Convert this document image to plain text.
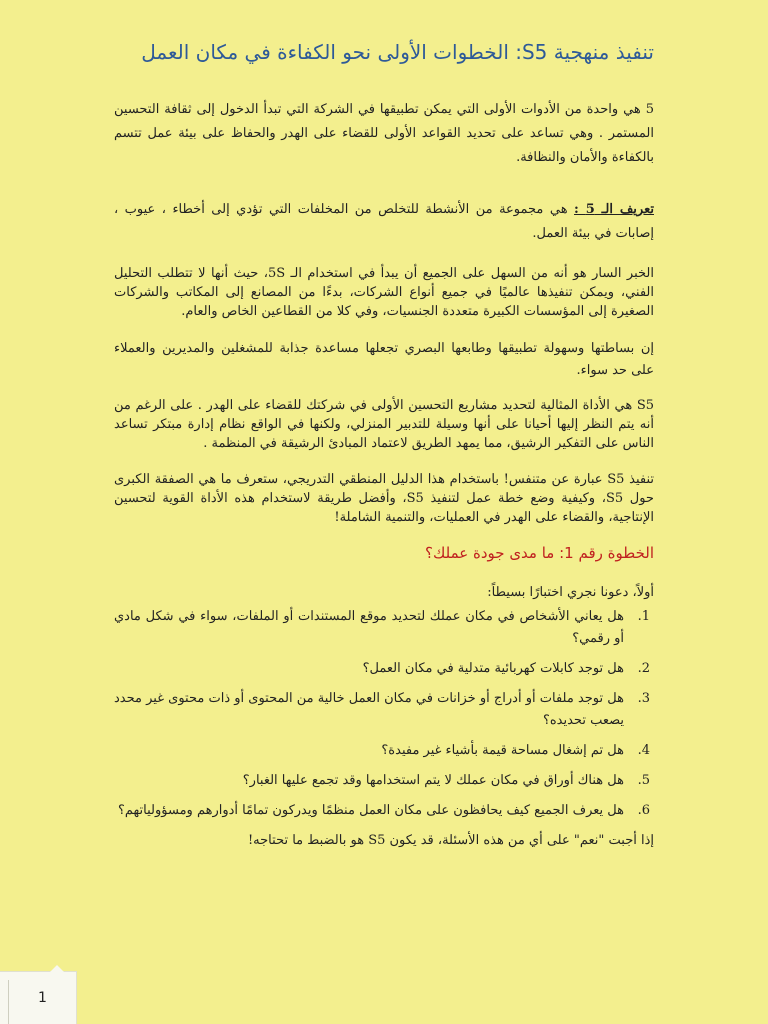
تنفيذ منهجية S5: الخطوات الأولى نحو الكفاءة في مكان العمل

5 هي واحدة من الأدوات الأولى التي يمكن تطبيقها في الشركة التي تبدأ الدخول إلى ثقافة التحسين المستمر . وهي تساعد على تحديد القواعد الأولى للقضاء على الهدر والحفاظ على بيئة عمل تتسم بالكفاءة والأمان والنظافة.

تعريف الـ 5 : هي مجموعة من الأنشطة للتخلص من المخلفات التي تؤدي إلى أخطاء ، عيوب ، إصابات في بيئة العمل.

الخبر السار هو أنه من السهل على الجميع أن يبدأ في استخدام الـ 5S، حيث أنها لا تتطلب التحليل الفني، ويمكن تنفيذها عالميًا في جميع أنواع الشركات، بدءًا من المصانع إلى المكاتب والشركات الصغيرة إلى المؤسسات الكبيرة متعددة الجنسيات، وفي كلا من القطاعين الخاص والعام.

إن بساطتها وسهولة تطبيقها وطابعها البصري تجعلها مساعدة جذابة للمشغلين والمديرين والعملاء على حد سواء.

S5 هي الأداة المثالية لتحديد مشاريع التحسين الأولى في شركتك للقضاء على الهدر . على الرغم من أنه يتم النظر إليها أحيانا على أنها وسيلة للتدبير المنزلي، ولكنها في الواقع نظام إدارة مبتكر تساعد الناس على التفكير الرشيق، مما يمهد الطريق لاعتماد المبادئ الرشيقة في المنظمة .

تنفيذ S5 عبارة عن متنفس! باستخدام هذا الدليل المنطقي التدريجي، ستعرف ما هي الصفقة الكبرى حول S5، وكيفية وضع خطة عمل لتنفيذ S5، وأفضل طريقة لاستخدام هذه الأداة القوية لتحسين الإنتاجية، والقضاء على الهدر في العمليات، والتنمية الشاملة!

الخطوة رقم 1: ما مدى جودة عملك؟
أولاً، دعونا نجري اختبارًا بسيطاً:
1.
هل يعاني الأشخاص في مكان عملك لتحديد موقع المستندات أو الملفات، سواء في شكل مادي أو رقمي؟
2.
هل توجد كابلات كهربائية متدلية في مكان العمل؟
3.
هل توجد ملفات أو أدراج أو خزانات في مكان العمل خالية من المحتوى أو ذات محتوى غير محدد يصعب تحديده؟
4.
هل تم إشغال مساحة قيمة بأشياء غير مفيدة؟
5.
هل هناك أوراق في مكان عملك لا يتم استخدامها وقد تجمع عليها الغبار؟
6.
هل يعرف الجميع كيف يحافظون على مكان العمل منظمًا ويدركون تمامًا أدوارهم ومسؤولياتهم؟
إذا أجبت "نعم" على أي من هذه الأسئلة، قد يكون S5 هو بالضبط ما تحتاجه!
1
